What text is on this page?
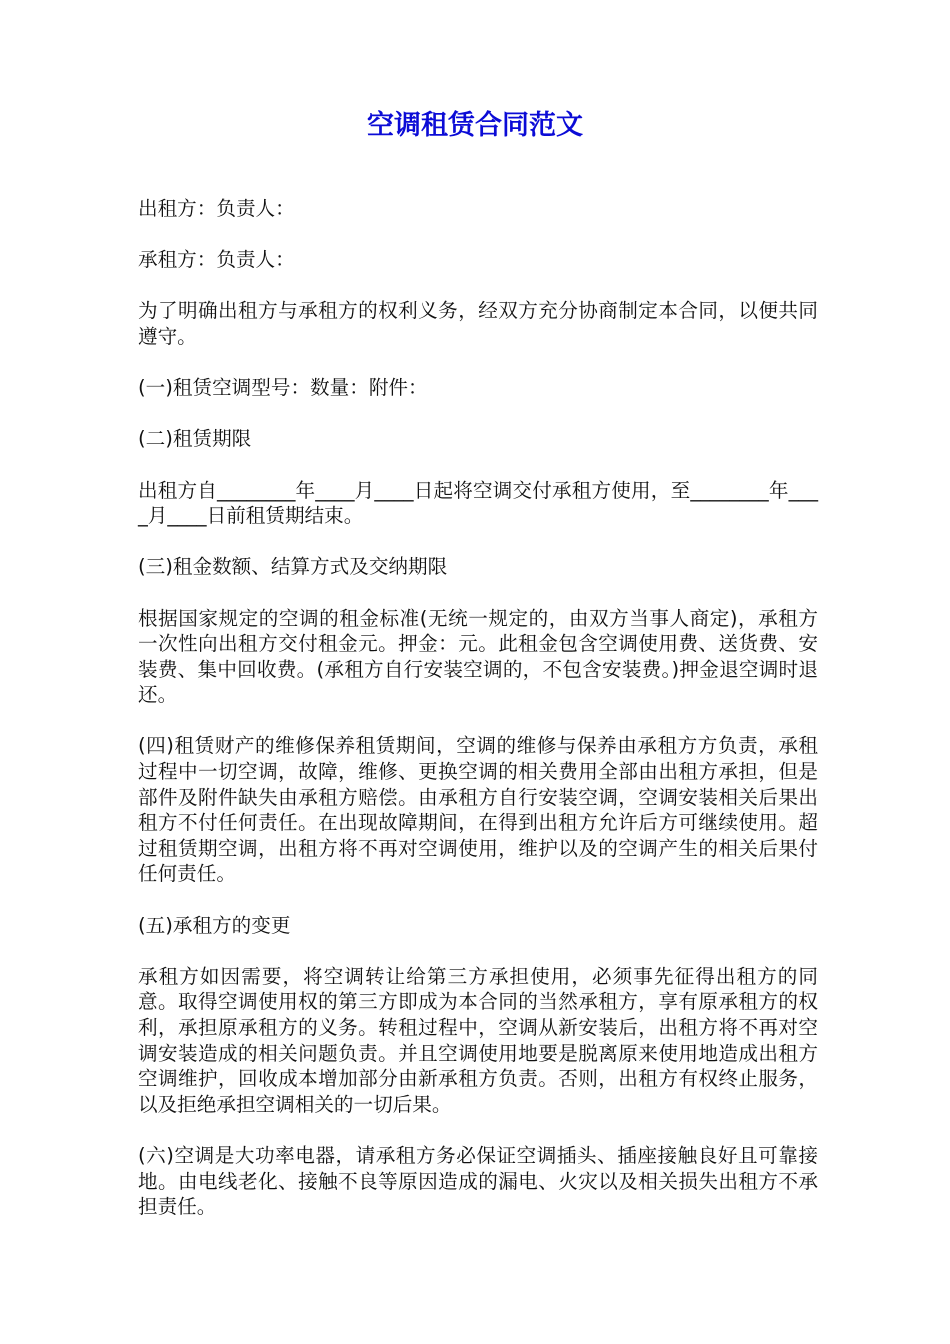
空调租赁合同范文

出租方：负责人：

承租方：负责人：

为了明确出租方与承租方的权利义务，经双方充分协商制定本合同，以便共同遵守。

(一)租赁空调型号：数量：附件：

(二)租赁期限

出租方自________年____月____日起将空调交付承租方使用，至________年____月____日前租赁期结束。

(三)租金数额、结算方式及交纳期限

根据国家规定的空调的租金标准(无统一规定的，由双方当事人商定)，承租方一次性向出租方交付租金元。押金：元。此租金包含空调使用费、送货费、安装费、集中回收费。(承租方自行安装空调的，不包含安装费。)押金退空调时退还。

(四)租赁财产的维修保养租赁期间，空调的维修与保养由承租方方负责，承租过程中一切空调，故障，维修、更换空调的相关费用全部由出租方承担，但是部件及附件缺失由承租方赔偿。由承租方自行安装空调，空调安装相关后果出租方不付任何责任。在出现故障期间，在得到出租方允许后方可继续使用。超过租赁期空调，出租方将不再对空调使用，维护以及的空调产生的相关后果付任何责任。

(五)承租方的变更

承租方如因需要，将空调转让给第三方承担使用，必须事先征得出租方的同意。取得空调使用权的第三方即成为本合同的当然承租方，享有原承租方的权利，承担原承租方的义务。转租过程中，空调从新安装后，出租方将不再对空调安装造成的相关问题负责。并且空调使用地要是脱离原来使用地造成出租方空调维护，回收成本增加部分由新承租方负责。否则，出租方有权终止服务，以及拒绝承担空调相关的一切后果。

(六)空调是大功率电器，请承租方务必保证空调插头、插座接触良好且可靠接地。由电线老化、接触不良等原因造成的漏电、火灾以及相关损失出租方不承担责任。
